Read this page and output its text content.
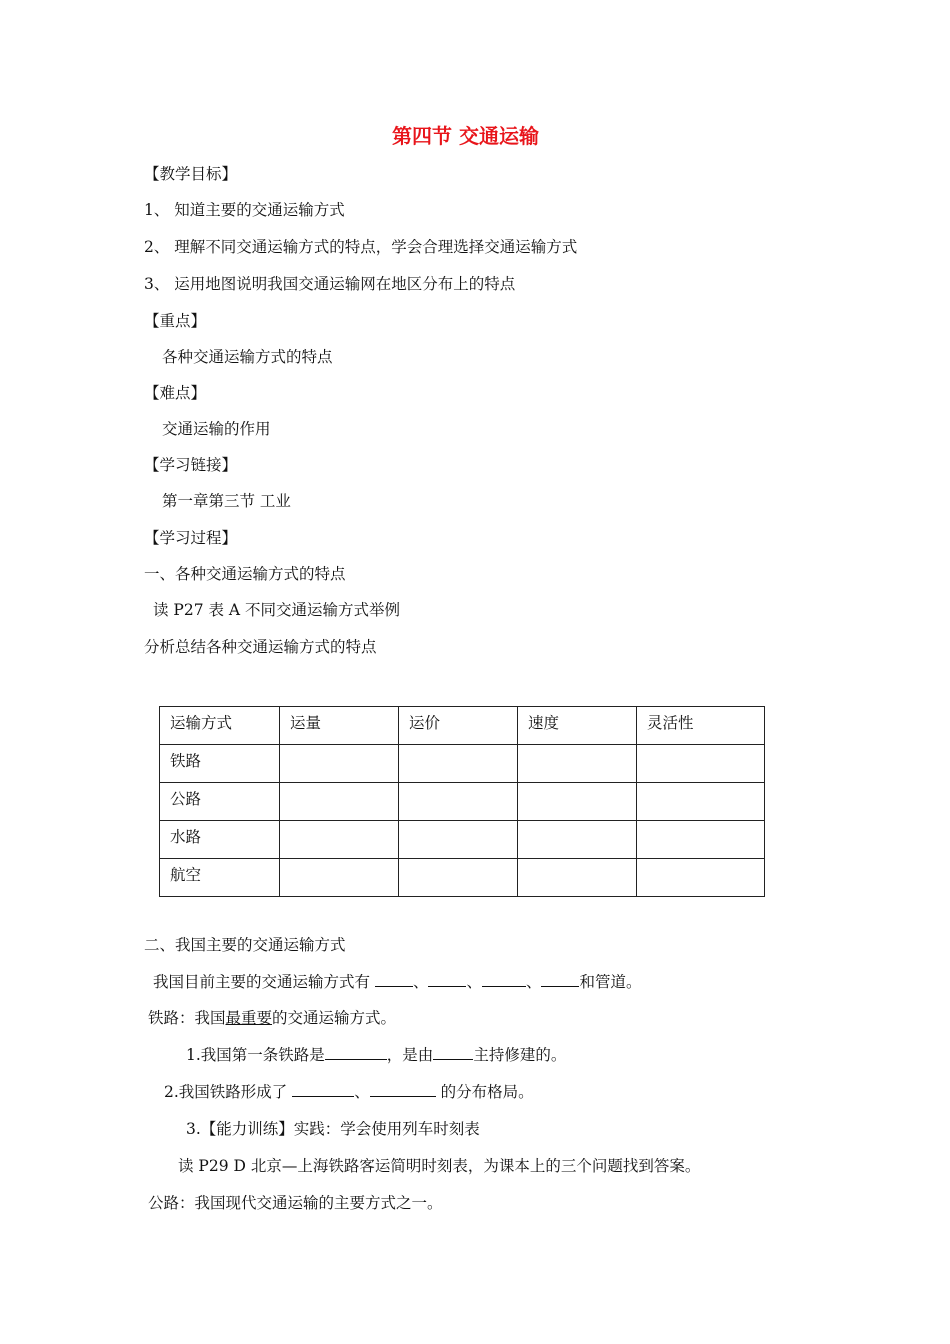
第四节 交通运输
【教学目标】
1、 知道主要的交通运输方式
2、 理解不同交通运输方式的特点，学会合理选择交通运输方式
3、 运用地图说明我国交通运输网在地区分布上的特点
【重点】
各种交通运输方式的特点
【难点】
交通运输的作用
【学习链接】
第一章第三节 工业
【学习过程】
一、各种交通运输方式的特点
读 P27 表 A 不同交通运输方式举例
分析总结各种交通运输方式的特点
运输方式	运量	运价	速度	灵活性
铁路				
公路				
水路				
航空				
二、我国主要的交通运输方式
我国目前主要的交通运输方式有 、 、	、 和管道。
铁路：我国最重要的交通运输方式。
1.我国第一条铁路是	，是由	主持修建的。
2.我国铁路形成了	、	的分布格局。
3.【能力训练】实践：学会使用列车时刻表
读 P29 D 北京—上海铁路客运简明时刻表，为课本上的三个问题找到答案。
公路：我国现代交通运输的主要方式之一。
